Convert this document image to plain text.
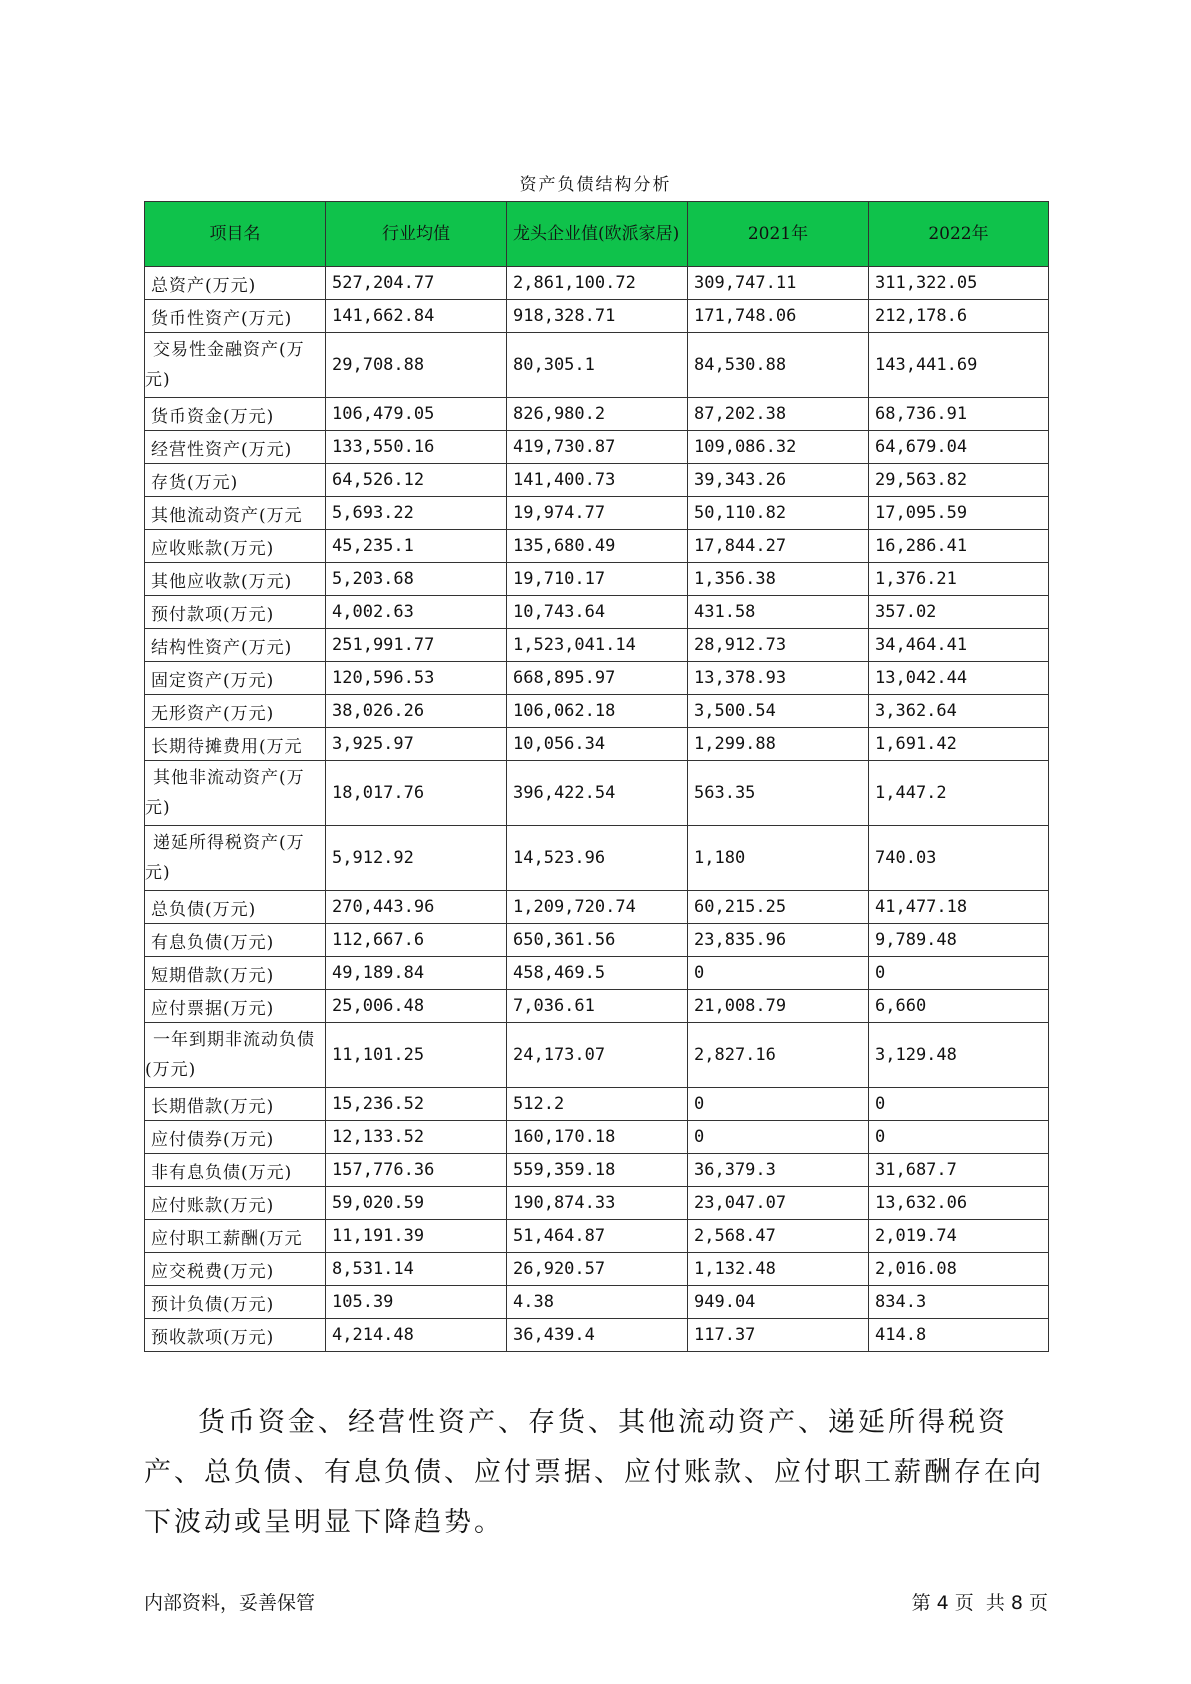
资产负债结构分析
项目名	行业均值	龙头企业值(欧派家居)	2021年	2022年
总资产(万元)	527,204.77	2,861,100.72	309,747.11	311,322.05
货币性资产(万元)	141,662.84	918,328.71	171,748.06	212,178.6
交易性金融资产(万元)	29,708.88	80,305.1	84,530.88	143,441.69
货币资金(万元)	106,479.05	826,980.2	87,202.38	68,736.91
经营性资产(万元)	133,550.16	419,730.87	109,086.32	64,679.04
存货(万元)	64,526.12	141,400.73	39,343.26	29,563.82
其他流动资产(万元	5,693.22	19,974.77	50,110.82	17,095.59
应收账款(万元)	45,235.1	135,680.49	17,844.27	16,286.41
其他应收款(万元)	5,203.68	19,710.17	1,356.38	1,376.21
预付款项(万元)	4,002.63	10,743.64	431.58	357.02
结构性资产(万元)	251,991.77	1,523,041.14	28,912.73	34,464.41
固定资产(万元)	120,596.53	668,895.97	13,378.93	13,042.44
无形资产(万元)	38,026.26	106,062.18	3,500.54	3,362.64
长期待摊费用(万元	3,925.97	10,056.34	1,299.88	1,691.42
其他非流动资产(万元)	18,017.76	396,422.54	563.35	1,447.2
递延所得税资产(万元)	5,912.92	14,523.96	1,180	740.03
总负债(万元)	270,443.96	1,209,720.74	60,215.25	41,477.18
有息负债(万元)	112,667.6	650,361.56	23,835.96	9,789.48
短期借款(万元)	49,189.84	458,469.5	0	0
应付票据(万元)	25,006.48	7,036.61	21,008.79	6,660
一年到期非流动负债(万元)	11,101.25	24,173.07	2,827.16	3,129.48
长期借款(万元)	15,236.52	512.2	0	0
应付债券(万元)	12,133.52	160,170.18	0	0
非有息负债(万元)	157,776.36	559,359.18	36,379.3	31,687.7
应付账款(万元)	59,020.59	190,874.33	23,047.07	13,632.06
应付职工薪酬(万元	11,191.39	51,464.87	2,568.47	2,019.74
应交税费(万元)	8,531.14	26,920.57	1,132.48	2,016.08
预计负债(万元)	105.39	4.38	949.04	834.3
预收款项(万元)	4,214.48	36,439.4	117.37	414.8
货币资金、经营性资产、存货、其他流动资产、递延所得税资产、总负债、有息负债、应付票据、应付账款、应付职工薪酬存在向下波动或呈明显下降趋势。
内部资料，妥善保管	第 4 页  共 8 页
